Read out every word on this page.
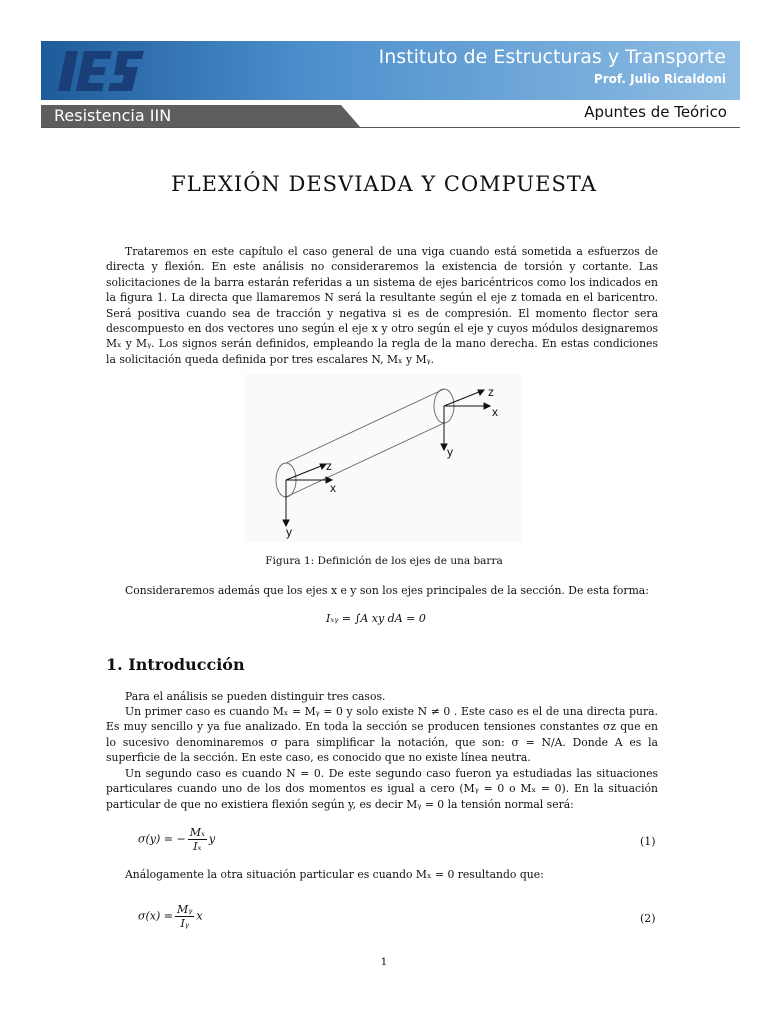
Instituto de Estructuras y Transporte
Prof. Julio Ricaldoni
Resistencia IIN	Apuntes de Teórico
FLEXIÓN DESVIADA Y COMPUESTA

Trataremos en este capítulo el caso general de una viga cuando está sometida a esfuerzos de directa y flexión. En este análisis no consideraremos la existencia de torsión y cortante. Las solicitaciones de la barra estarán referidas a un sistema de ejes baricéntricos como los indicados en la figura 1. La directa que llamaremos N será la resultante según el eje z tomada en el baricentro. Será positiva cuando sea de tracción y negativa si es de compresión. El momento flector sera descompuesto en dos vectores uno según el eje x y otro según el eje y cuyos módulos designaremos Mₓ y Mᵧ. Los signos serán definidos, empleando la regla de la mano derecha. En estas condiciones la solicitación queda definida por tres escalares N, Mₓ y Mᵧ.

z
x
y
z
x
y
Figura 1: Definición de los ejes de una barra

Consideraremos además que los ejes x e y son los ejes principales de la sección. De esta forma:

Iₓᵧ = ∫A xy dA = 0
1. Introducción

Para el análisis se pueden distinguir tres casos.

Un primer caso es cuando Mₓ = Mᵧ = 0 y solo existe N ≠ 0 . Este caso es el de una directa pura. Es muy sencillo y ya fue analizado. En toda la sección se producen tensiones constantes σz que en lo sucesivo denominaremos σ para simplificar la notación, que son: σ = N/A. Donde A es la superficie de la sección. En este caso, es conocido que no existe línea neutra.

Un segundo caso es cuando N = 0. De este segundo caso fueron ya estudiadas las situaciones particulares cuando uno de los dos momentos es igual a cero (Mᵧ = 0 o Mₓ = 0). En la situación particular de que no existiera flexión según y, es decir Mᵧ = 0 la tensión normal será:

σ(y) = − $\frac{\text{Mₓ}}{\text{Iₓ}}$ y	(1)

Análogamente la otra situación particular es cuando Mₓ = 0 resultando que:

$\sigma(x) = \frac{\text{Mᵧ}}{\text{Iᵧ}}$ x	(2)
1
